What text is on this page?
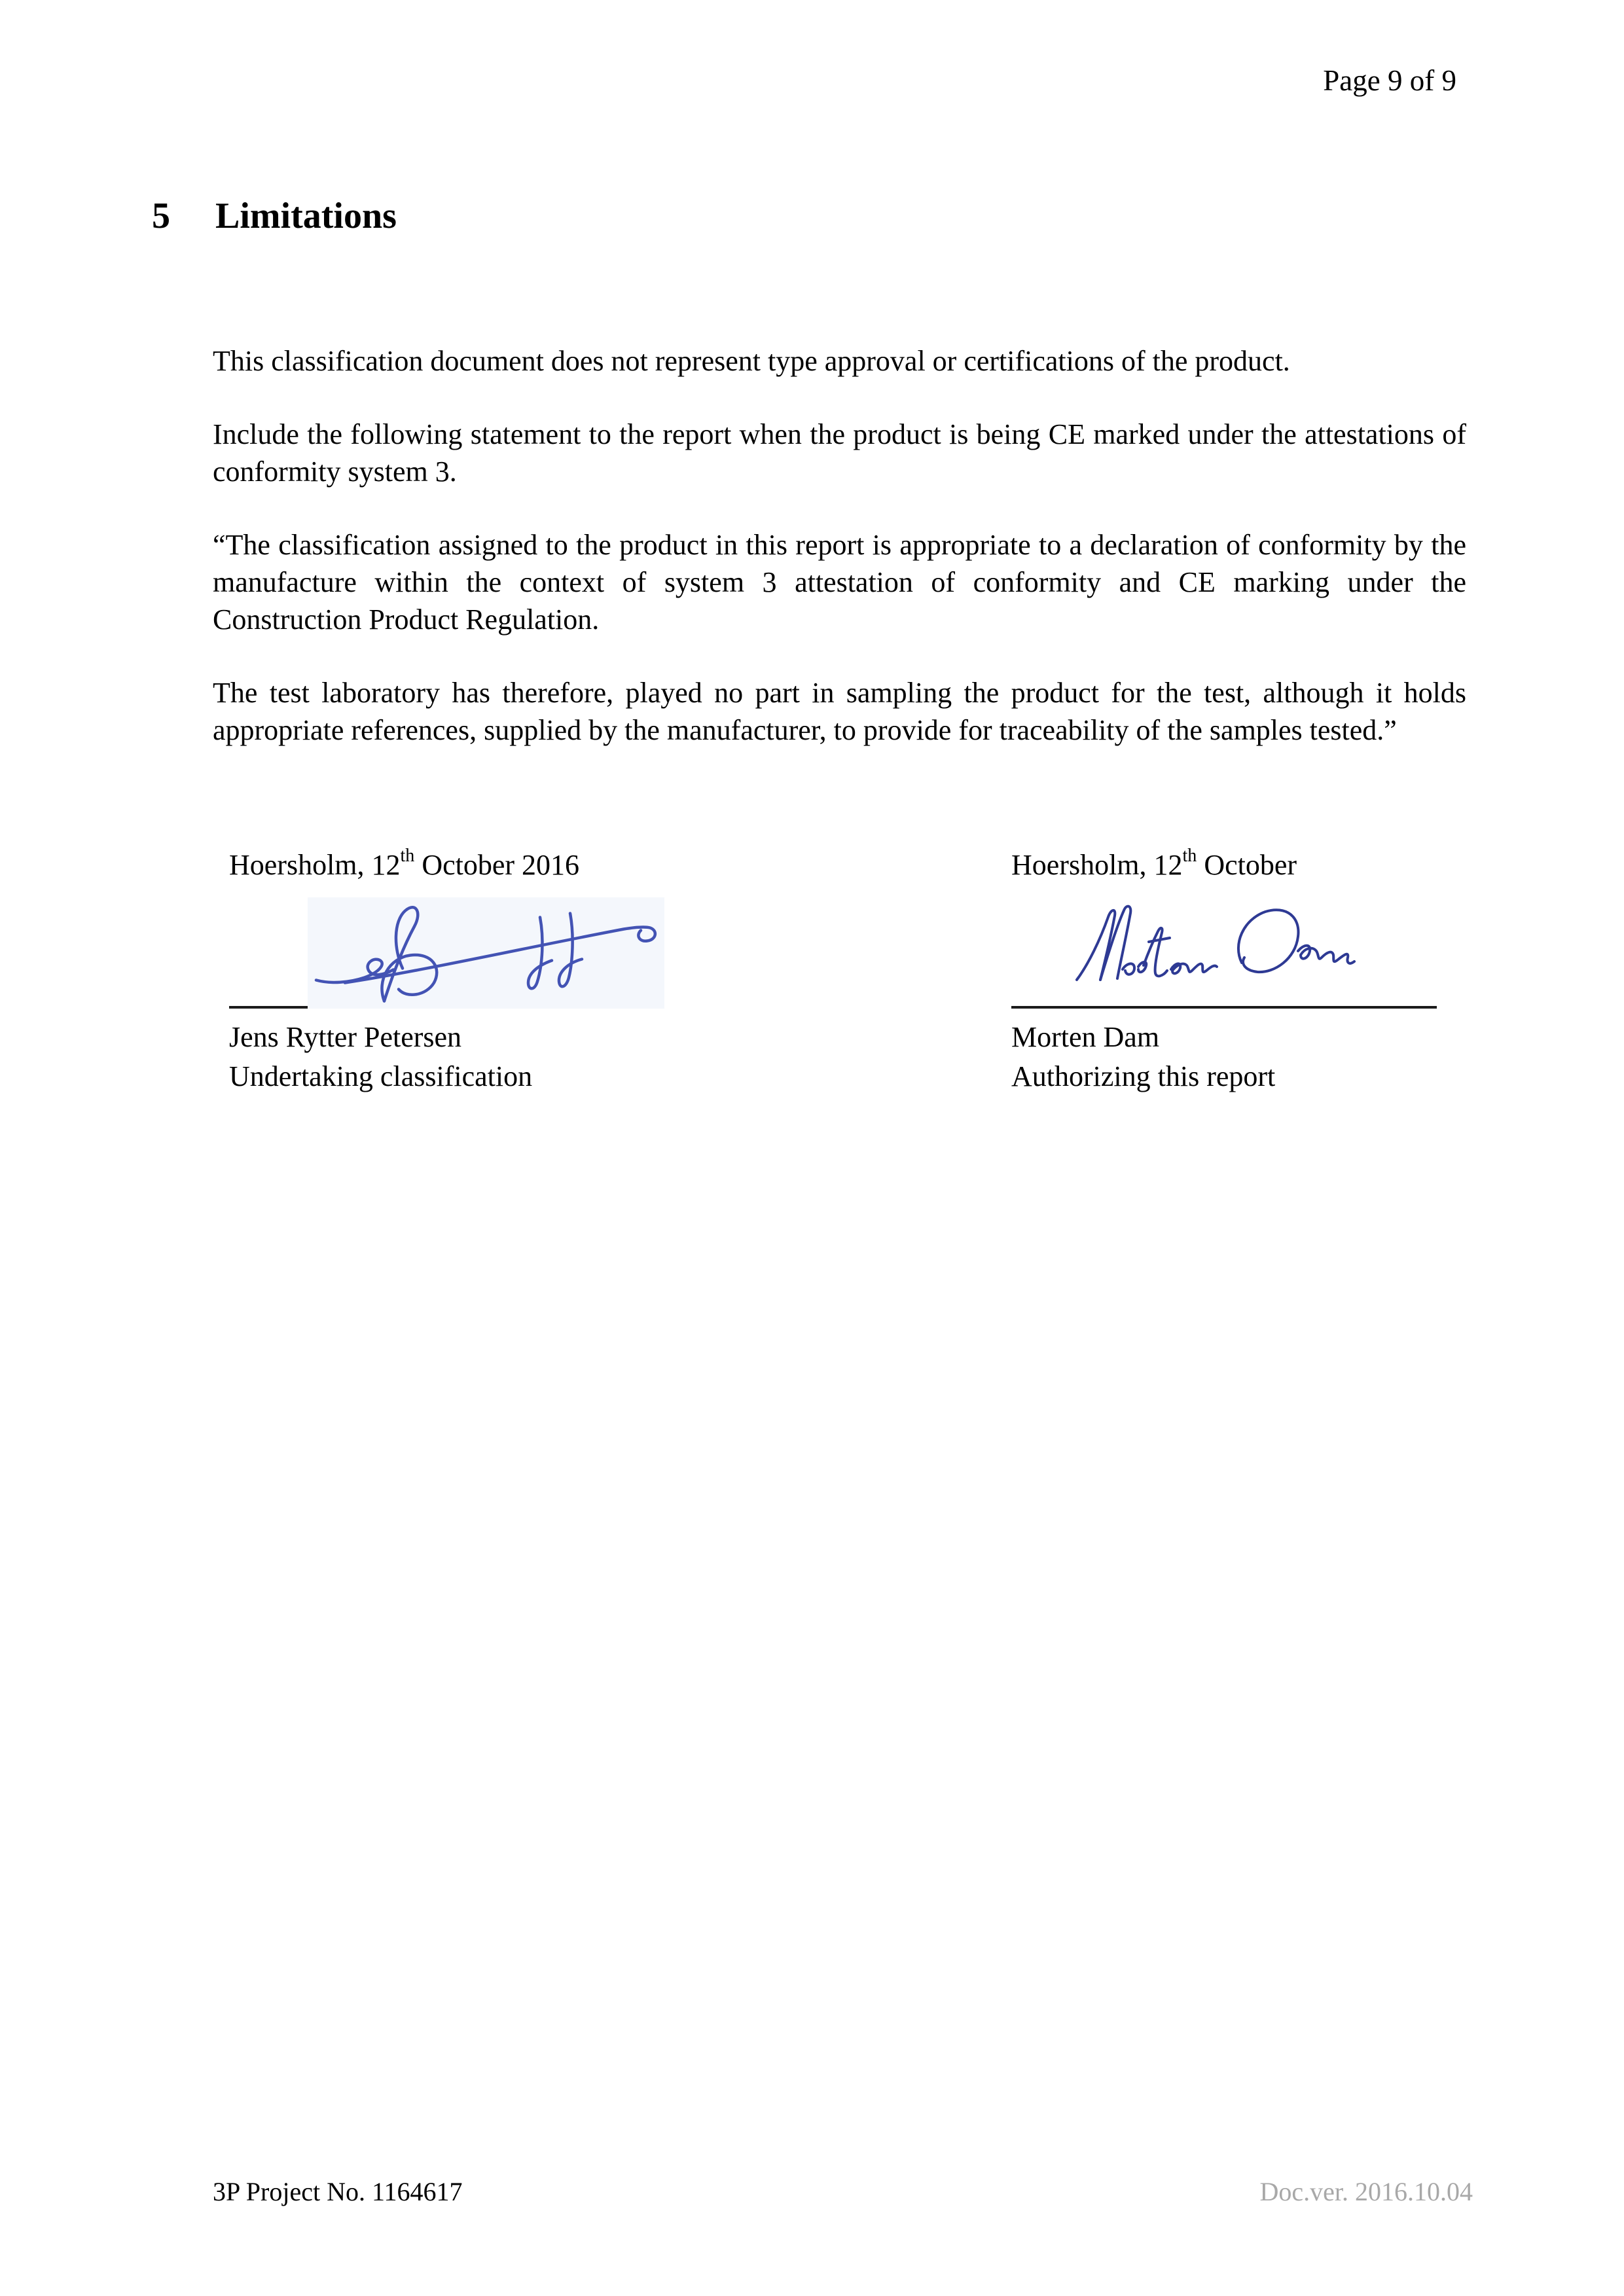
Page 9 of 9
5	Limitations

This classification document does not represent type approval or certifications of the product.

Include the following statement to the report when the product is being CE marked under the attestations of conformity system 3.

“The classification assigned to the product in this report is appropriate to a declaration of conformity by the manufacture within the context of system 3 attestation of conformity and CE marking under the Construction Product Regulation.

The test laboratory has therefore, played no part in sampling the product for the test, although it holds appropriate references, supplied by the manufacturer, to provide for traceability of the samples tested.”

Hoersholm, 12th October 2016
Jens Rytter Petersen
Undertaking classification
Hoersholm, 12th October
Morten Dam
Authorizing this report
3P Project No. 1164617	Doc.ver. 2016.10.04
